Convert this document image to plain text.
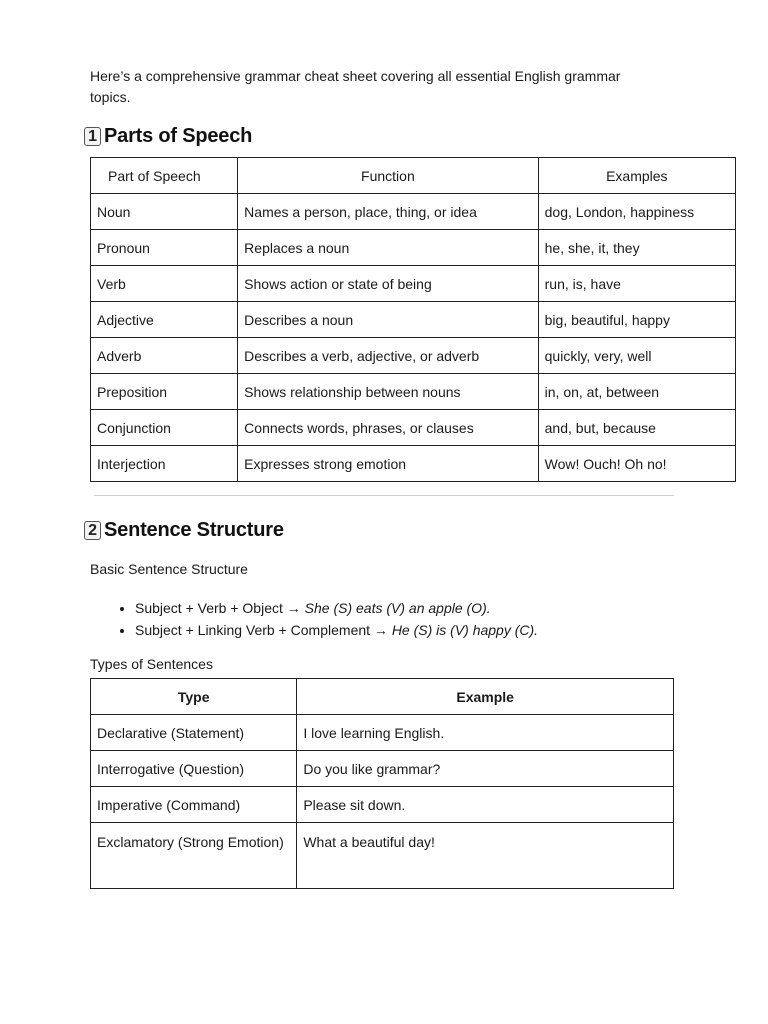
Here’s a comprehensive grammar cheat sheet covering all essential English grammar topics.

1 Parts of Speech
Part of Speech	Function	Examples
Noun	Names a person, place, thing, or idea	dog, London, happiness
Pronoun	Replaces a noun	he, she, it, they
Verb	Shows action or state of being	run, is, have
Adjective	Describes a noun	big, beautiful, happy
Adverb	Describes a verb, adjective, or adverb	quickly, very, well
Preposition	Shows relationship between nouns	in, on, at, between
Conjunction	Connects words, phrases, or clauses	and, but, because
Interjection	Expresses strong emotion	Wow! Ouch! Oh no!
2 Sentence Structure

Basic Sentence Structure

• Subject + Verb + Object → She (S) eats (V) an apple (O).
• Subject + Linking Verb + Complement → He (S) is (V) happy (C).

Types of Sentences

Type	Example
Declarative (Statement)	I love learning English.
Interrogative (Question)	Do you like grammar?
Imperative (Command)	Please sit down.
Exclamatory (Strong Emotion)	What a beautiful day!
